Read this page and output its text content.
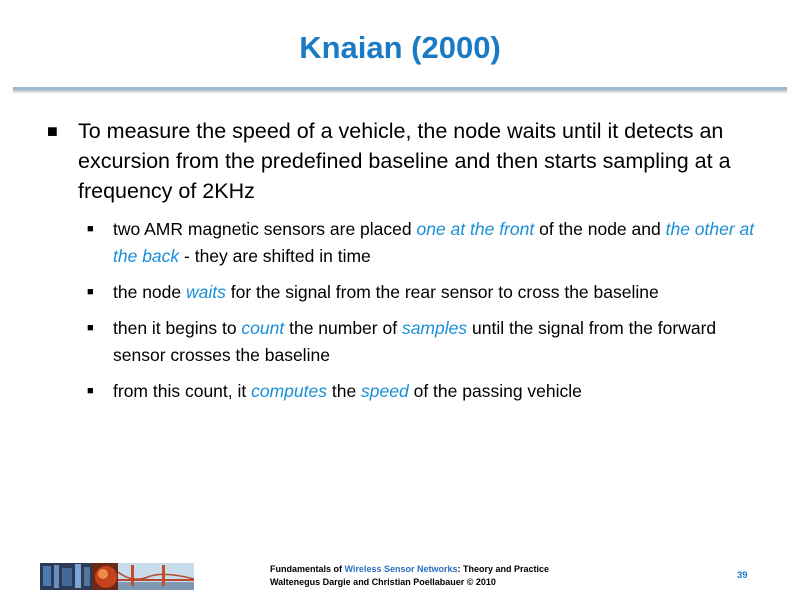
Knaian (2000)
■ To measure the speed of a vehicle, the node waits until it detects an excursion from the predefined baseline and then starts sampling at a frequency of 2KHz
■ two AMR magnetic sensors are placed one at the front of the node and the other at the back - they are shifted in time
■ the node waits for the signal from the rear sensor to cross the baseline
■ then it begins to count the number of samples until the signal from the forward sensor crosses the baseline
■ from this count, it computes the speed of the passing vehicle
Fundamentals of Wireless Sensor Networks: Theory and Practice
Waltenegus Dargie and Christian Poellabauer © 2010
39
